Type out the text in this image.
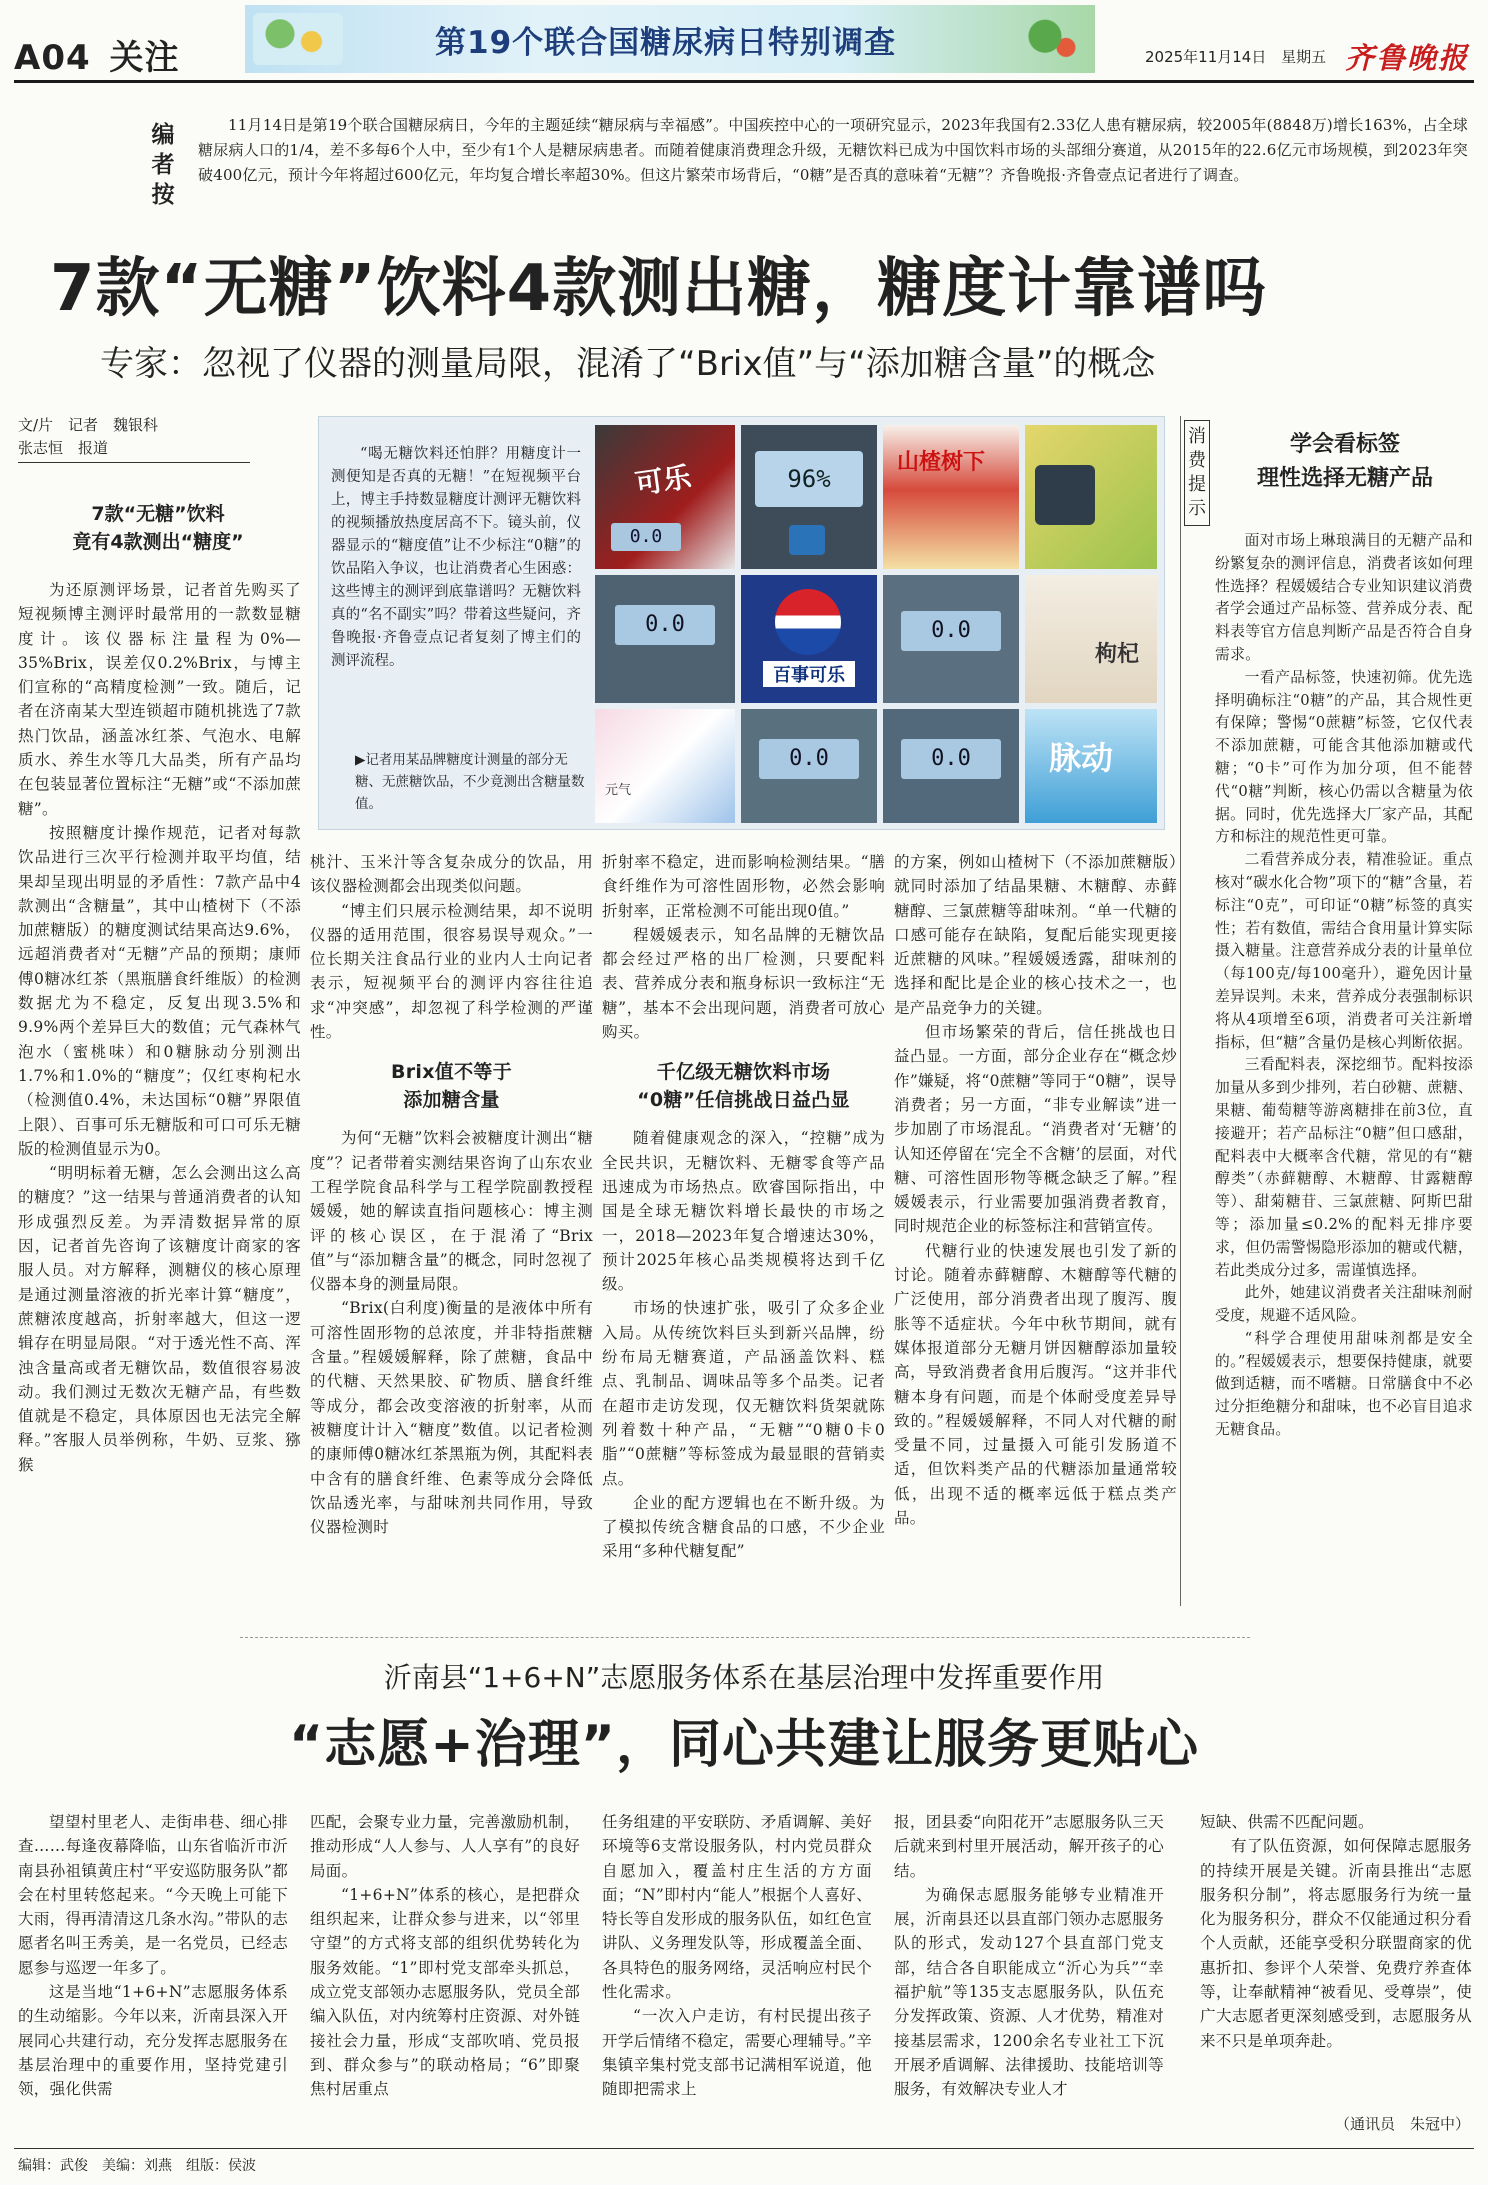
A04 关注	第19个联合国糖尿病日特别调查	2025年11月14日 星期五 齐鲁晚报
编者按
11月14日是第19个联合国糖尿病日，今年的主题延续“糖尿病与幸福感”。中国疾控中心的一项研究显示，2023年我国有2.33亿人患有糖尿病，较2005年(8848万)增长163%，占全球糖尿病人口的1/4，差不多每6个人中，至少有1个人是糖尿病患者。而随着健康消费理念升级，无糖饮料已成为中国饮料市场的头部细分赛道，从2015年的22.6亿元市场规模，到2023年突破400亿元，预计今年将超过600亿元，年均复合增长率超30%。但这片繁荣市场背后，“0糖”是否真的意味着“无糖”？齐鲁晚报·齐鲁壹点记者进行了调查。
7款“无糖”饮料4款测出糖，糖度计靠谱吗
专家：忽视了仪器的测量局限，混淆了“Brix值”与“添加糖含量”的概念
文/片　记者　魏银科
张志恒　报道
7款“无糖”饮料
竟有4款测出“糖度”

为还原测评场景，记者首先购买了短视频博主测评时最常用的一款数显糖度计。该仪器标注量程为0%—35%Brix，误差仅0.2%Brix，与博主们宣称的“高精度检测”一致。随后，记者在济南某大型连锁超市随机挑选了7款热门饮品，涵盖冰红茶、气泡水、电解质水、养生水等几大品类，所有产品均在包装显著位置标注“无糖”或“不添加蔗糖”。

按照糖度计操作规范，记者对每款饮品进行三次平行检测并取平均值，结果却呈现出明显的矛盾性：7款产品中4款测出“含糖量”，其中山楂树下（不添加蔗糖版）的糖度测试结果高达9.6%，远超消费者对“无糖”产品的预期；康师傅0糖冰红茶（黑瓶膳食纤维版）的检测数据尤为不稳定，反复出现3.5%和9.9%两个差异巨大的数值；元气森林气泡水（蜜桃味）和0糖脉动分别测出1.7%和1.0%的“糖度”；仅红枣枸杞水（检测值0.4%，未达国标“0糖”界限值上限）、百事可乐无糖版和可口可乐无糖版的检测值显示为0。

“明明标着无糖，怎么会测出这么高的糖度？”这一结果与普通消费者的认知形成强烈反差。为弄清数据异常的原因，记者首先咨询了该糖度计商家的客服人员。对方解释，测糖仪的核心原理是通过测量溶液的折光率计算“糖度”，蔗糖浓度越高，折射率越大，但这一逻辑存在明显局限。“对于透光性不高、浑浊含量高或者无糖饮品，数值很容易波动。我们测过无数次无糖产品，有些数值就是不稳定，具体原因也无法完全解释。”客服人员举例称，牛奶、豆浆、猕猴

“喝无糖饮料还怕胖？用糖度计一测便知是否真的无糖！”在短视频平台上，博主手持数显糖度计测评无糖饮料的视频播放热度居高不下。镜头前，仪器显示的“糖度值”让不少标注“0糖”的饮品陷入争议，也让消费者心生困惑：这些博主的测评到底靠谱吗？无糖饮料真的“名不副实”吗？带着这些疑问，齐鲁晚报·齐鲁壹点记者复刻了博主们的测评流程。
▶记者用某品牌糖度计测量的部分无糖、无蔗糖饮品，不少竟测出含糖量数值。
可乐
0.0
96%
山楂树下
0.0
百事可乐
0.0
枸杞
元气
0.0	0.0	脉动

桃汁、玉米汁等含复杂成分的饮品，用该仪器检测都会出现类似问题。

“博主们只展示检测结果，却不说明仪器的适用范围，很容易误导观众。”一位长期关注食品行业的业内人士向记者表示，短视频平台的测评内容往往追求“冲突感”，却忽视了科学检测的严谨性。

Brix值不等于
添加糖含量

为何“无糖”饮料会被糖度计测出“糖度”？记者带着实测结果咨询了山东农业工程学院食品科学与工程学院副教授程媛媛，她的解读直指问题核心：博主测评的核心误区，在于混淆了“Brix值”与“添加糖含量”的概念，同时忽视了仪器本身的测量局限。

“Brix(白利度)衡量的是液体中所有可溶性固形物的总浓度，并非特指蔗糖含量。”程媛媛解释，除了蔗糖，食品中的代糖、天然果胶、矿物质、膳食纤维等成分，都会改变溶液的折射率，从而被糖度计计入“糖度”数值。以记者检测的康师傅0糖冰红茶黑瓶为例，其配料表中含有的膳食纤维、色素等成分会降低饮品透光率，与甜味剂共同作用，导致仪器检测时

折射率不稳定，进而影响检测结果。“膳食纤维作为可溶性固形物，必然会影响折射率，正常检测不可能出现0值。”

程媛媛表示，知名品牌的无糖饮品都会经过严格的出厂检测，只要配料表、营养成分表和瓶身标识一致标注“无糖”，基本不会出现问题，消费者可放心购买。

千亿级无糖饮料市场
“0糖”任信挑战日益凸显

随着健康观念的深入，“控糖”成为全民共识，无糖饮料、无糖零食等产品迅速成为市场热点。欧睿国际指出，中国是全球无糖饮料增长最快的市场之一，2018—2023年复合增速达30%，预计2025年核心品类规模将达到千亿级。

市场的快速扩张，吸引了众多企业入局。从传统饮料巨头到新兴品牌，纷纷布局无糖赛道，产品涵盖饮料、糕点、乳制品、调味品等多个品类。记者在超市走访发现，仅无糖饮料货架就陈列着数十种产品，“无糖”“0糖0卡0脂”“0蔗糖”等标签成为最显眼的营销卖点。

企业的配方逻辑也在不断升级。为了模拟传统含糖食品的口感，不少企业采用“多种代糖复配”

的方案，例如山楂树下（不添加蔗糖版）就同时添加了结晶果糖、木糖醇、赤藓糖醇、三氯蔗糖等甜味剂。“单一代糖的口感可能存在缺陷，复配后能实现更接近蔗糖的风味。”程媛媛透露，甜味剂的选择和配比是企业的核心技术之一，也是产品竞争力的关键。

但市场繁荣的背后，信任挑战也日益凸显。一方面，部分企业存在“概念炒作”嫌疑，将“0蔗糖”等同于“0糖”，误导消费者；另一方面，“非专业解读”进一步加剧了市场混乱。“消费者对‘无糖’的认知还停留在‘完全不含糖’的层面，对代糖、可溶性固形物等概念缺乏了解。”程媛媛表示，行业需要加强消费者教育，同时规范企业的标签标注和营销宣传。

代糖行业的快速发展也引发了新的讨论。随着赤藓糖醇、木糖醇等代糖的广泛使用，部分消费者出现了腹泻、腹胀等不适症状。今年中秋节期间，就有媒体报道部分无糖月饼因糖醇添加量较高，导致消费者食用后腹泻。“这并非代糖本身有问题，而是个体耐受度差异导致的。”程媛媛解释，不同人对代糖的耐受量不同，过量摄入可能引发肠道不适，但饮料类产品的代糖添加量通常较低，出现不适的概率远低于糕点类产品。

消费提示
学会看标签
理性选择无糖产品

面对市场上琳琅满目的无糖产品和纷繁复杂的测评信息，消费者该如何理性选择？程媛媛结合专业知识建议消费者学会通过产品标签、营养成分表、配料表等官方信息判断产品是否符合自身需求。

一看产品标签，快速初筛。优先选择明确标注“0糖”的产品，其合规性更有保障；警惕“0蔗糖”标签，它仅代表不添加蔗糖，可能含其他添加糖或代糖；“0卡”可作为加分项，但不能替代“0糖”判断，核心仍需以含糖量为依据。同时，优先选择大厂家产品，其配方和标注的规范性更可靠。

二看营养成分表，精准验证。重点核对“碳水化合物”项下的“糖”含量，若标注“0克”，可印证“0糖”标签的真实性；若有数值，需结合食用量计算实际摄入糖量。注意营养成分表的计量单位（每100克/每100毫升），避免因计量差异误判。未来，营养成分表强制标识将从4项增至6项，消费者可关注新增指标，但“糖”含量仍是核心判断依据。

三看配料表，深挖细节。配料按添加量从多到少排列，若白砂糖、蔗糖、果糖、葡萄糖等游离糖排在前3位，直接避开；若产品标注“0糖”但口感甜，配料表中大概率含代糖，常见的有“糖醇类”（赤藓糖醇、木糖醇、甘露糖醇等）、甜菊糖苷、三氯蔗糖、阿斯巴甜等；添加量≤0.2%的配料无排序要求，但仍需警惕隐形添加的糖或代糖，若此类成分过多，需谨慎选择。

此外，她建议消费者关注甜味剂耐受度，规避不适风险。

“科学合理使用甜味剂都是安全的。”程媛媛表示，想要保持健康，就要做到适糖，而不嗜糖。日常膳食中不必过分拒绝糖分和甜味，也不必盲目追求无糖食品。

沂南县“1+6+N”志愿服务体系在基层治理中发挥重要作用
“志愿+治理”，同心共建让服务更贴心

望望村里老人、走街串巷、细心排查……每逢夜幕降临，山东省临沂市沂南县孙祖镇黄庄村“平安巡防服务队”都会在村里转悠起来。“今天晚上可能下大雨，得再清清这几条水沟。”带队的志愿者名叫王秀美，是一名党员，已经志愿参与巡逻一年多了。

这是当地“1+6+N”志愿服务体系的生动缩影。今年以来，沂南县深入开展同心共建行动，充分发挥志愿服务在基层治理中的重要作用，坚持党建引领，强化供需

匹配，会聚专业力量，完善激励机制，推动形成“人人参与、人人享有”的良好局面。

“1+6+N”体系的核心，是把群众组织起来，让群众参与进来，以“邻里守望”的方式将支部的组织优势转化为服务效能。“1”即村党支部牵头抓总，成立党支部领办志愿服务队，党员全部编入队伍，对内统筹村庄资源、对外链接社会力量，形成“支部吹哨、党员报到、群众参与”的联动格局；“6”即聚焦村居重点

任务组建的平安联防、矛盾调解、美好环境等6支常设服务队，村内党员群众自愿加入，覆盖村庄生活的方方面面；“N”即村内“能人”根据个人喜好、特长等自发形成的服务队伍，如红色宣讲队、义务理发队等，形成覆盖全面、各具特色的服务网络，灵活响应村民个性化需求。

“一次入户走访，有村民提出孩子开学后情绪不稳定，需要心理辅导。”辛集镇辛集村党支部书记满相军说道，他随即把需求上

报，团县委“向阳花开”志愿服务队三天后就来到村里开展活动，解开孩子的心结。

为确保志愿服务能够专业精准开展，沂南县还以县直部门领办志愿服务队的形式，发动127个县直部门党支部，结合各自职能成立“沂心为兵”“幸福护航”等135支志愿服务队，队伍充分发挥政策、资源、人才优势，精准对接基层需求，1200余名专业社工下沉开展矛盾调解、法律援助、技能培训等服务，有效解决专业人才

短缺、供需不匹配问题。

有了队伍资源，如何保障志愿服务的持续开展是关键。沂南县推出“志愿服务积分制”，将志愿服务行为统一量化为服务积分，群众不仅能通过积分看个人贡献，还能享受积分联盟商家的优惠折扣、参评个人荣誉、免费疗养查体等，让奉献精神“被看见、受尊崇”，使广大志愿者更深刻感受到，志愿服务从来不只是单项奔赴。

（通讯员　朱冠中）
编辑：武俊　美编：刘燕　组版：侯波
